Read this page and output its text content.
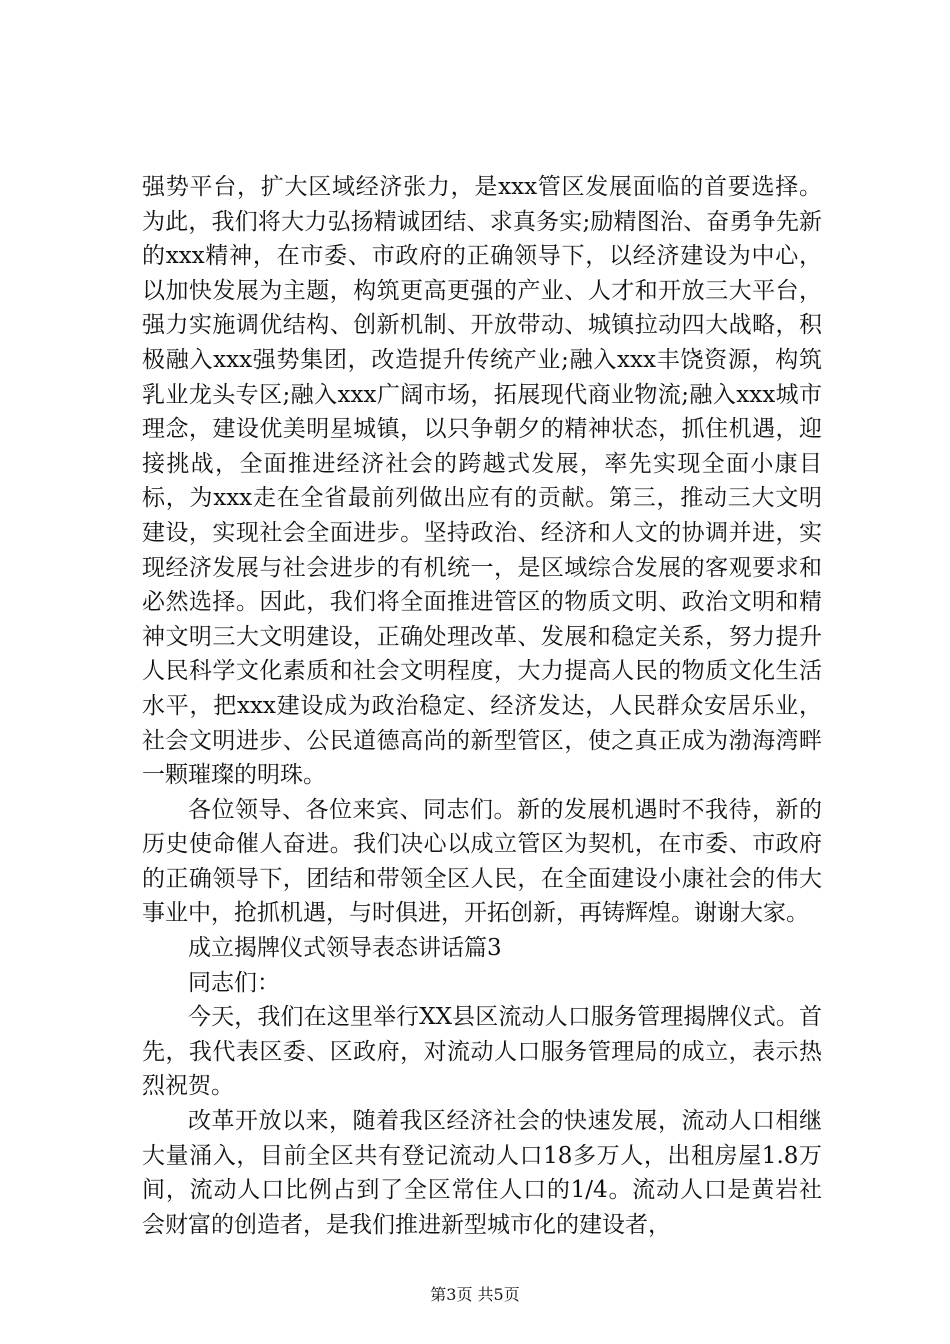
强势平台，扩大区域经济张力，是xxx管区发展面临的首要选择。为此，我们将大力弘扬精诚团结、求真务实;励精图治、奋勇争先新的xxx精神，在市委、市政府的正确领导下，以经济建设为中心，以加快发展为主题，构筑更高更强的产业、人才和开放三大平台，强力实施调优结构、创新机制、开放带动、城镇拉动四大战略，积极融入xxx强势集团，改造提升传统产业;融入xxx丰饶资源，构筑乳业龙头专区;融入xxx广阔市场，拓展现代商业物流;融入xxx城市理念，建设优美明星城镇，以只争朝夕的精神状态，抓住机遇，迎接挑战，全面推进经济社会的跨越式发展，率先实现全面小康目标，为xxx走在全省最前列做出应有的贡献。第三，推动三大文明建设，实现社会全面进步。坚持政治、经济和人文的协调并进，实现经济发展与社会进步的有机统一，是区域综合发展的客观要求和必然选择。因此，我们将全面推进管区的物质文明、政治文明和精神文明三大文明建设，正确处理改革、发展和稳定关系，努力提升人民科学文化素质和社会文明程度，大力提高人民的物质文化生活水平，把xxx建设成为政治稳定、经济发达，人民群众安居乐业，社会文明进步、公民道德高尚的新型管区，使之真正成为渤海湾畔一颗璀璨的明珠。

各位领导、各位来宾、同志们。新的发展机遇时不我待，新的历史使命催人奋进。我们决心以成立管区为契机，在市委、市政府的正确领导下，团结和带领全区人民，在全面建设小康社会的伟大事业中，抢抓机遇，与时俱进，开拓创新，再铸辉煌。谢谢大家。

成立揭牌仪式领导表态讲话篇3

同志们：

今天，我们在这里举行XX县区流动人口服务管理揭牌仪式。首先，我代表区委、区政府，对流动人口服务管理局的成立，表示热烈祝贺。

改革开放以来，随着我区经济社会的快速发展，流动人口相继大量涌入，目前全区共有登记流动人口18多万人，出租房屋1.8万间，流动人口比例占到了全区常住人口的1/4。流动人口是黄岩社会财富的创造者，是我们推进新型城市化的建设者，

第3页 共5页
